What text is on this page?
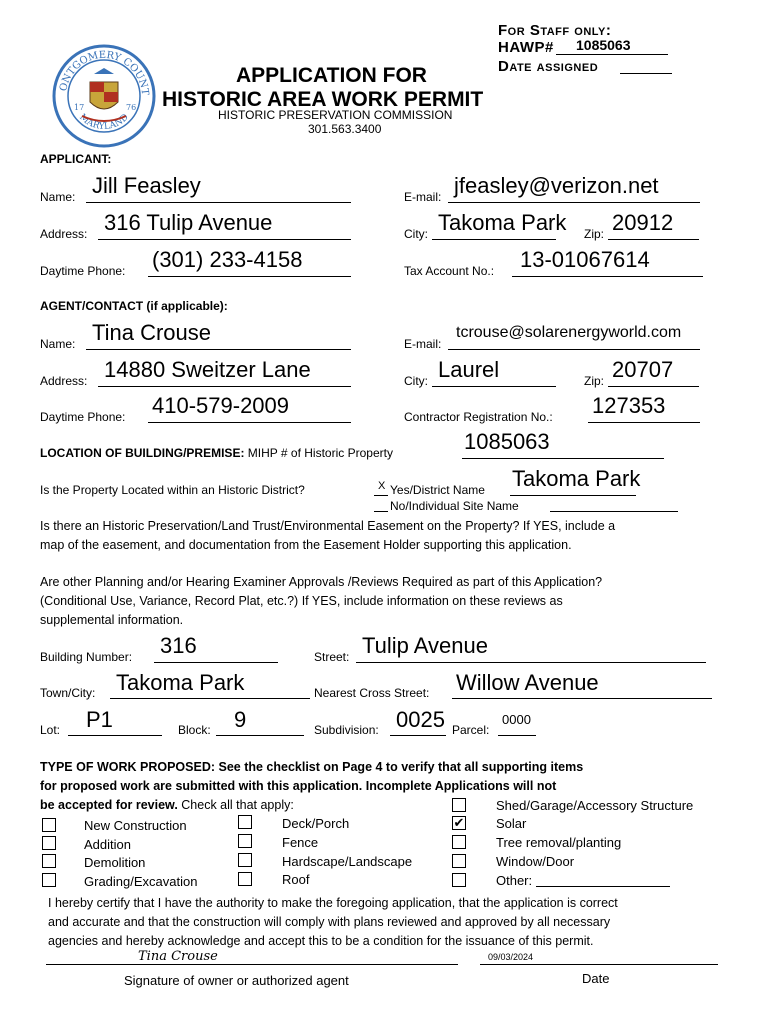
For Staff only:
HAWP# 1085063
Date assigned
ONTGOMERY COUNT
MARYLAND
17	76
APPLICATION FOR
HISTORIC AREA WORK PERMIT
HISTORIC PRESERVATION COMMISSION
301.563.3400
APPLICANT:
Name: Jill Feasley	E-mail: jfeasley@verizon.net
Address: 316 Tulip Avenue	City: Takoma Park Zip: 20912
Daytime Phone: (301) 233-4158	Tax Account No.: 13-01067614
AGENT/CONTACT (if applicable):
Name: Tina Crouse	E-mail:
tcrouse@solarenergyworld.com
Address: 14880 Sweitzer Lane	City: Laurel	Zip: 20707
Daytime Phone: 410-579-2009	Contractor Registration No.: 127353
LOCATION OF BUILDING/PREMISE: MIHP # of Historic Property	1085063
Is the Property Located within an Historic District?	X Yes/District Name Takoma Park
No/Individual Site Name
Is there an Historic Preservation/Land Trust/Environmental Easement on the Property? If YES, include a
map of the easement, and documentation from the Easement Holder supporting this application.
Are other Planning and/or Hearing Examiner Approvals /Reviews Required as part of this Application?
(Conditional Use, Variance, Record Plat, etc.?) If YES, include information on these reviews as
supplemental information.
Building Number: 316	Street: Tulip Avenue
Town/City: Takoma Park	Nearest Cross Street: Willow Avenue
Lot: P1	Block: 9	Subdivision: 0025 Parcel:
0000
TYPE OF WORK PROPOSED: See the checklist on Page 4 to verify that all supporting items
for proposed work are submitted with this application. Incomplete Applications will not
be accepted for review. Check all that apply:
New Construction
Addition
Demolition
Grading/Excavation
Deck/Porch
Fence
Hardscape/Landscape
Roof
Shed/Garage/Accessory Structure
✔ Solar
Tree removal/planting
Window/Door
Other:
I hereby certify that I have the authority to make the foregoing application, that the application is correct
and accurate and that the construction will comply with plans reviewed and approved by all necessary
agencies and hereby acknowledge and accept this to be a condition for the issuance of this permit.
Tina Crouse	09/03/2024
Signature of owner or authorized agent	Date
